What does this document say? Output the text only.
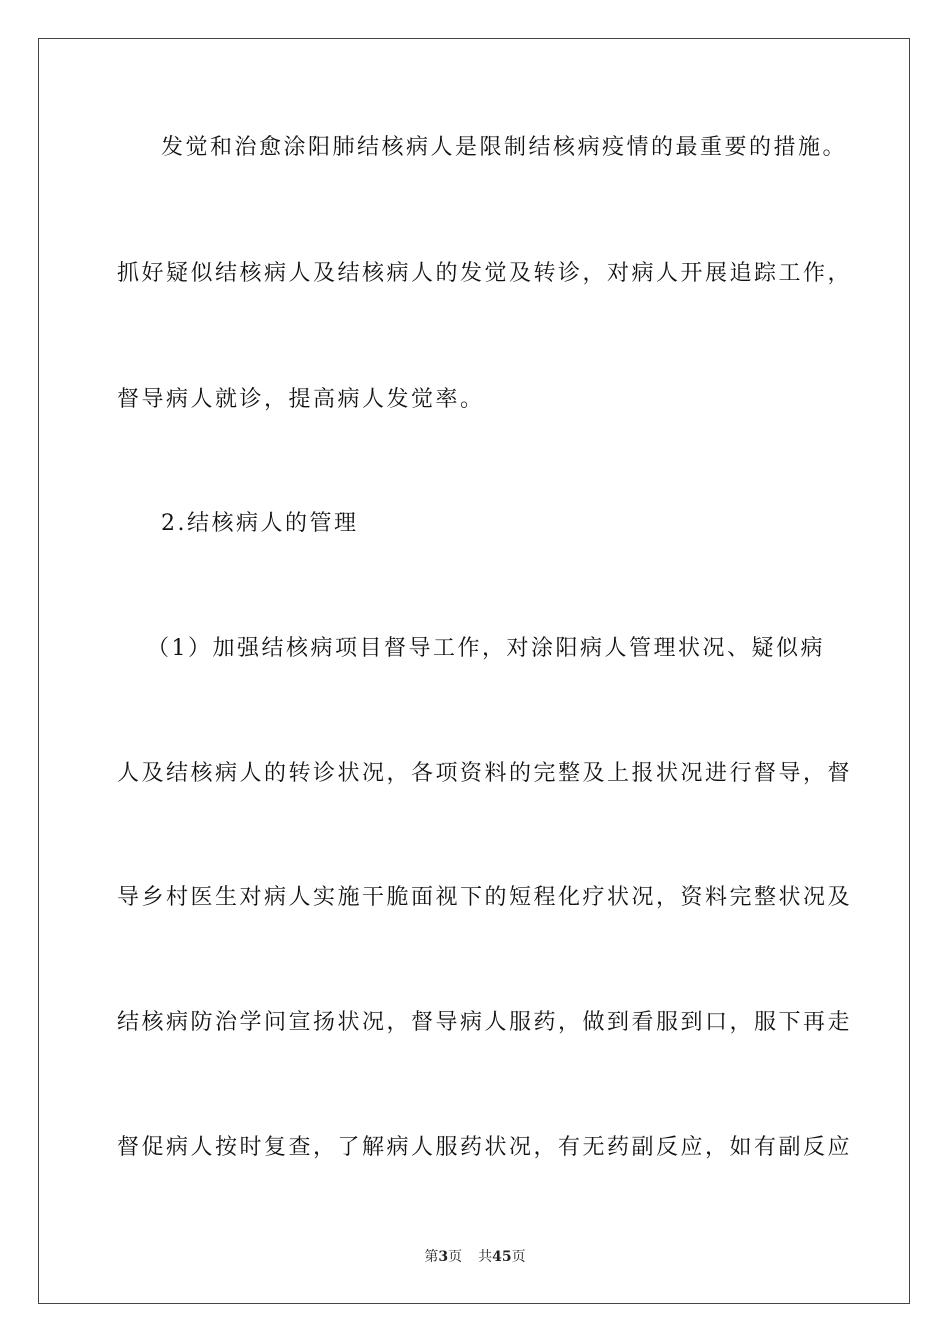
发觉和治愈涂阳肺结核病人是限制结核病疫情的最重要的措施。
抓好疑似结核病人及结核病人的发觉及转诊，对病人开展追踪工作，
督导病人就诊，提高病人发觉率。
2.结核病人的管理
（1）加强结核病项目督导工作，对涂阳病人管理状况、疑似病
人及结核病人的转诊状况，各项资料的完整及上报状况进行督导，督
导乡村医生对病人实施干脆面视下的短程化疗状况，资料完整状况及
结核病防治学问宣扬状况，督导病人服药，做到看服到口，服下再走
督促病人按时复查，了解病人服药状况，有无药副反应，如有副反应
第3页 共45页
